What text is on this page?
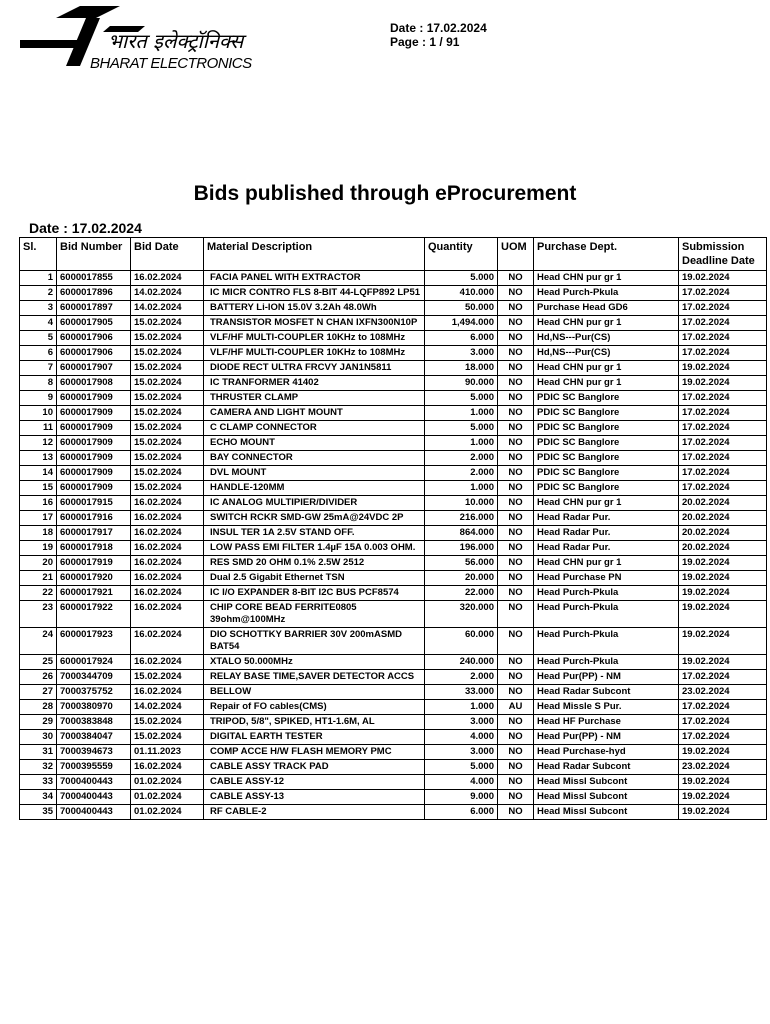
भारत इलेक्ट्रॉनिक्स
BHARAT ELECTRONICS
Date : 17.02.2024
Page : 1 / 91
Bids published through eProcurement
Date : 17.02.2024
Sl.	Bid Number	Bid Date	Material Description	Quantity	UOM	Purchase Dept.	Submission Deadline Date
1	6000017855	16.02.2024	FACIA PANEL WITH EXTRACTOR	5.000	NO	Head CHN pur gr 1	19.02.2024
2	6000017896	14.02.2024	IC MICR CONTRO FLS 8-BIT 44-LQFP892 LP51	410.000	NO	Head Purch-Pkula	17.02.2024
3	6000017897	14.02.2024	BATTERY Li-ION 15.0V 3.2Ah 48.0Wh	50.000	NO	Purchase Head GD6	17.02.2024
4	6000017905	15.02.2024	TRANSISTOR MOSFET N CHAN IXFN300N10P	1,494.000	NO	Head CHN pur gr 1	17.02.2024
5	6000017906	15.02.2024	VLF/HF MULTI-COUPLER 10KHz to 108MHz	6.000	NO	Hd,NS---Pur(CS)	17.02.2024
6	6000017906	15.02.2024	VLF/HF MULTI-COUPLER 10KHz to 108MHz	3.000	NO	Hd,NS---Pur(CS)	17.02.2024
7	6000017907	15.02.2024	DIODE RECT ULTRA FRCVY JAN1N5811	18.000	NO	Head CHN pur gr 1	19.02.2024
8	6000017908	15.02.2024	IC TRANFORMER 41402	90.000	NO	Head CHN pur gr 1	19.02.2024
9	6000017909	15.02.2024	THRUSTER CLAMP	5.000	NO	PDIC SC Banglore	17.02.2024
10	6000017909	15.02.2024	CAMERA AND LIGHT MOUNT	1.000	NO	PDIC SC Banglore	17.02.2024
11	6000017909	15.02.2024	C CLAMP CONNECTOR	5.000	NO	PDIC SC Banglore	17.02.2024
12	6000017909	15.02.2024	ECHO MOUNT	1.000	NO	PDIC SC Banglore	17.02.2024
13	6000017909	15.02.2024	BAY CONNECTOR	2.000	NO	PDIC SC Banglore	17.02.2024
14	6000017909	15.02.2024	DVL MOUNT	2.000	NO	PDIC SC Banglore	17.02.2024
15	6000017909	15.02.2024	HANDLE-120MM	1.000	NO	PDIC SC Banglore	17.02.2024
16	6000017915	16.02.2024	IC ANALOG MULTIPIER/DIVIDER	10.000	NO	Head CHN pur gr 1	20.02.2024
17	6000017916	16.02.2024	SWITCH RCKR SMD-GW 25mA@24VDC 2P	216.000	NO	Head Radar Pur.	20.02.2024
18	6000017917	16.02.2024	INSUL TER 1A 2.5V STAND OFF.	864.000	NO	Head Radar Pur.	20.02.2024
19	6000017918	16.02.2024	LOW PASS EMI FILTER 1.4µF 15A 0.003 OHM.	196.000	NO	Head Radar Pur.	20.02.2024
20	6000017919	16.02.2024	RES SMD 20 OHM 0.1% 2.5W 2512	56.000	NO	Head CHN pur gr 1	19.02.2024
21	6000017920	16.02.2024	Dual 2.5 Gigabit Ethernet TSN	20.000	NO	Head Purchase PN	19.02.2024
22	6000017921	16.02.2024	IC I/O EXPANDER 8-BIT I2C BUS PCF8574	22.000	NO	Head Purch-Pkula	19.02.2024
23	6000017922	16.02.2024	CHIP CORE BEAD FERRITE0805 39ohm@100MHz	320.000	NO	Head Purch-Pkula	19.02.2024
24	6000017923	16.02.2024	DIO SCHOTTKY BARRIER 30V 200mASMD BAT54	60.000	NO	Head Purch-Pkula	19.02.2024
25	6000017924	16.02.2024	XTALO 50.000MHz	240.000	NO	Head Purch-Pkula	19.02.2024
26	7000344709	15.02.2024	RELAY BASE TIME,SAVER DETECTOR ACCS	2.000	NO	Head Pur(PP) - NM	17.02.2024
27	7000375752	16.02.2024	BELLOW	33.000	NO	Head Radar Subcont	23.02.2024
28	7000380970	14.02.2024	Repair of FO cables(CMS)	1.000	AU	Head Missle S Pur.	17.02.2024
29	7000383848	15.02.2024	TRIPOD, 5/8", SPIKED, HT1-1.6M, AL	3.000	NO	Head HF Purchase	17.02.2024
30	7000384047	15.02.2024	DIGITAL EARTH TESTER	4.000	NO	Head Pur(PP) - NM	17.02.2024
31	7000394673	01.11.2023	COMP ACCE H/W FLASH MEMORY PMC	3.000	NO	Head Purchase-hyd	19.02.2024
32	7000395559	16.02.2024	CABLE ASSY TRACK PAD	5.000	NO	Head Radar Subcont	23.02.2024
33	7000400443	01.02.2024	CABLE ASSY-12	4.000	NO	Head Missl Subcont	19.02.2024
34	7000400443	01.02.2024	CABLE ASSY-13	9.000	NO	Head Missl Subcont	19.02.2024
35	7000400443	01.02.2024	RF CABLE-2	6.000	NO	Head Missl Subcont	19.02.2024
